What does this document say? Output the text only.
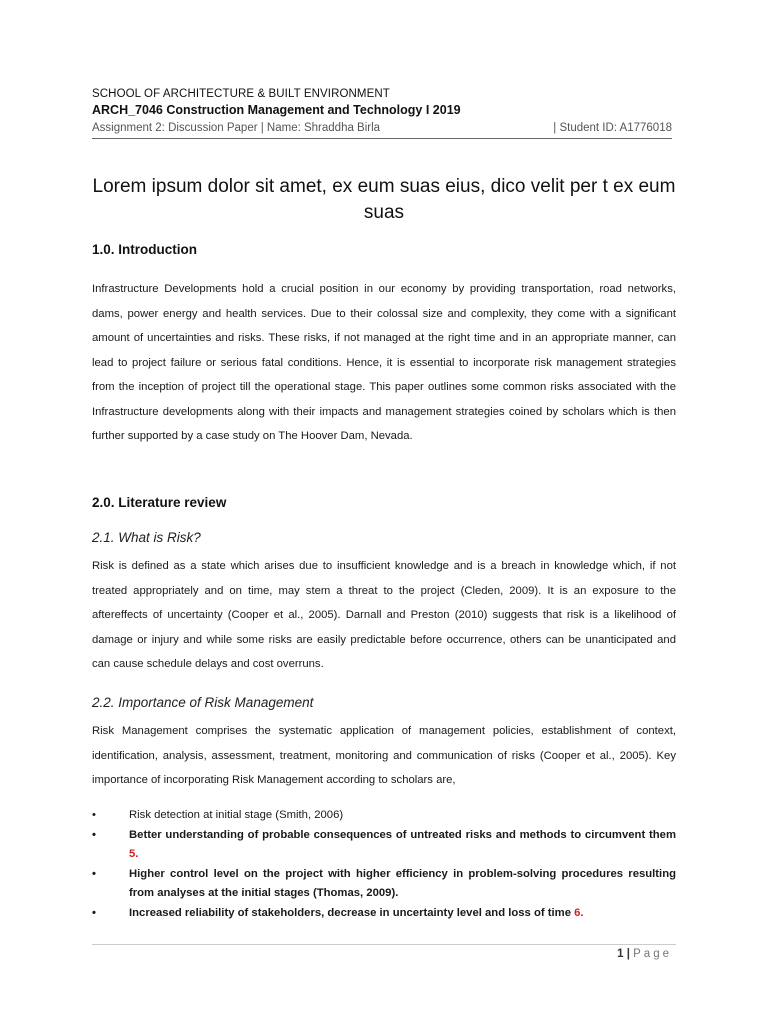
SCHOOL OF ARCHITECTURE & BUILT ENVIRONMENT
ARCH_7046 Construction Management and Technology I 2019
Assignment 2: Discussion Paper | Name: Shraddha Birla	| Student ID: A1776018
Lorem ipsum dolor sit amet, ex eum suas eius, dico velit per t ex eum suas
1.0. Introduction
Infrastructure Developments hold a crucial position in our economy by providing transportation, road networks, dams, power energy and health services. Due to their colossal size and complexity, they come with a significant amount of uncertainties and risks. These risks, if not managed at the right time and in an appropriate manner, can lead to project failure or serious fatal conditions. Hence, it is essential to incorporate risk management strategies from the inception of project till the operational stage. This paper outlines some common risks associated with the Infrastructure developments along with their impacts and management strategies coined by scholars which is then further supported by a case study on The Hoover Dam, Nevada.
2.0. Literature review
2.1. What is Risk?
Risk is defined as a state which arises due to insufficient knowledge and is a breach in knowledge which, if not treated appropriately and on time, may stem a threat to the project (Cleden, 2009). It is an exposure to the aftereffects of uncertainty (Cooper et al., 2005). Darnall and Preston (2010) suggests that risk is a likelihood of damage or injury and while some risks are easily predictable before occurrence, others can be unanticipated and can cause schedule delays and cost overruns.
2.2. Importance of Risk Management
Risk Management comprises the systematic application of management policies, establishment of context, identification, analysis, assessment, treatment, monitoring and communication of risks (Cooper et al., 2005). Key importance of incorporating Risk Management according to scholars are,
•	Risk detection at initial stage (Smith, 2006)
•	Better understanding of probable consequences of untreated risks and methods to circumvent them 5.
•	Higher control level on the project with higher efficiency in problem-solving procedures resulting from analyses at the initial stages (Thomas, 2009).
•	Increased reliability of stakeholders, decrease in uncertainty level and loss of time 6.
1 | Page
